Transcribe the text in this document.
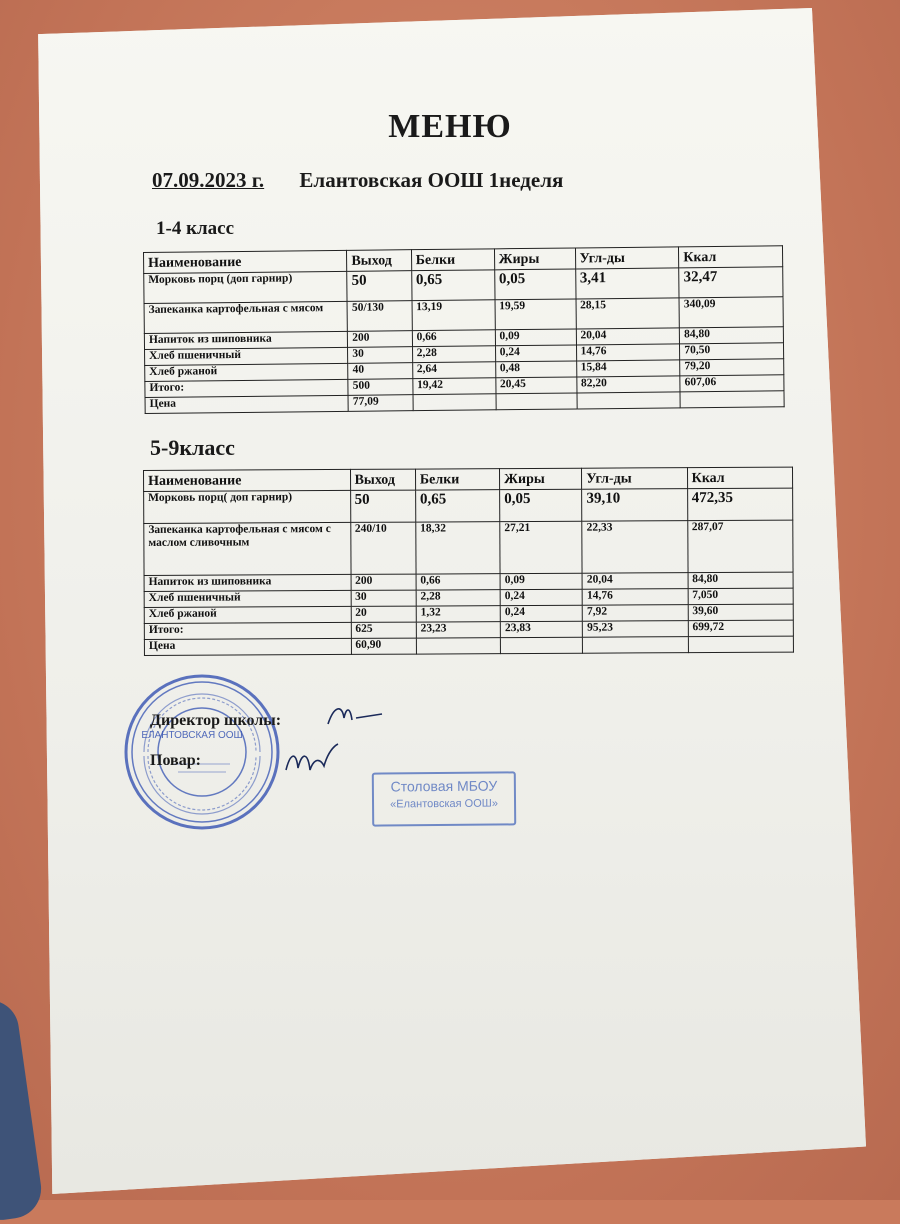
МЕНЮ
07.09.2023 г. Елантовская ООШ 1неделя
1-4 класс
Наименование	Выход	Белки	Жиры	Угл-ды	Ккал
Морковь порц (доп гарнир)	50	0,65	0,05	3,41	32,47
Запеканка картофельная с мясом	50/130	13,19	19,59	28,15	340,09
Напиток из шиповника	200	0,66	0,09	20,04	84,80
Хлеб пшеничный	30	2,28	0,24	14,76	70,50
Хлеб ржаной	40	2,64	0,48	15,84	79,20
Итого:	500	19,42	20,45	82,20	607,06
Цена	77,09				
5-9класс
Наименование	Выход	Белки	Жиры	Угл-ды	Ккал
Морковь порц( доп гарнир)	50	0,65	0,05	39,10	472,35
Запеканка картофельная с мясом с маслом сливочным	240/10	18,32	27,21	22,33	287,07
Напиток из шиповника	200	0,66	0,09	20,04	84,80
Хлеб пшеничный	30	2,28	0,24	14,76	7,050
Хлеб ржаной	20	1,32	0,24	7,92	39,60
Итого:	625	23,23	23,83	95,23	699,72
Цена	60,90				
Директор школы:
Повар:
ЕЛАНТОВСКАЯ ООШ
Столовая МБОУ
«Елантовская ООШ»
